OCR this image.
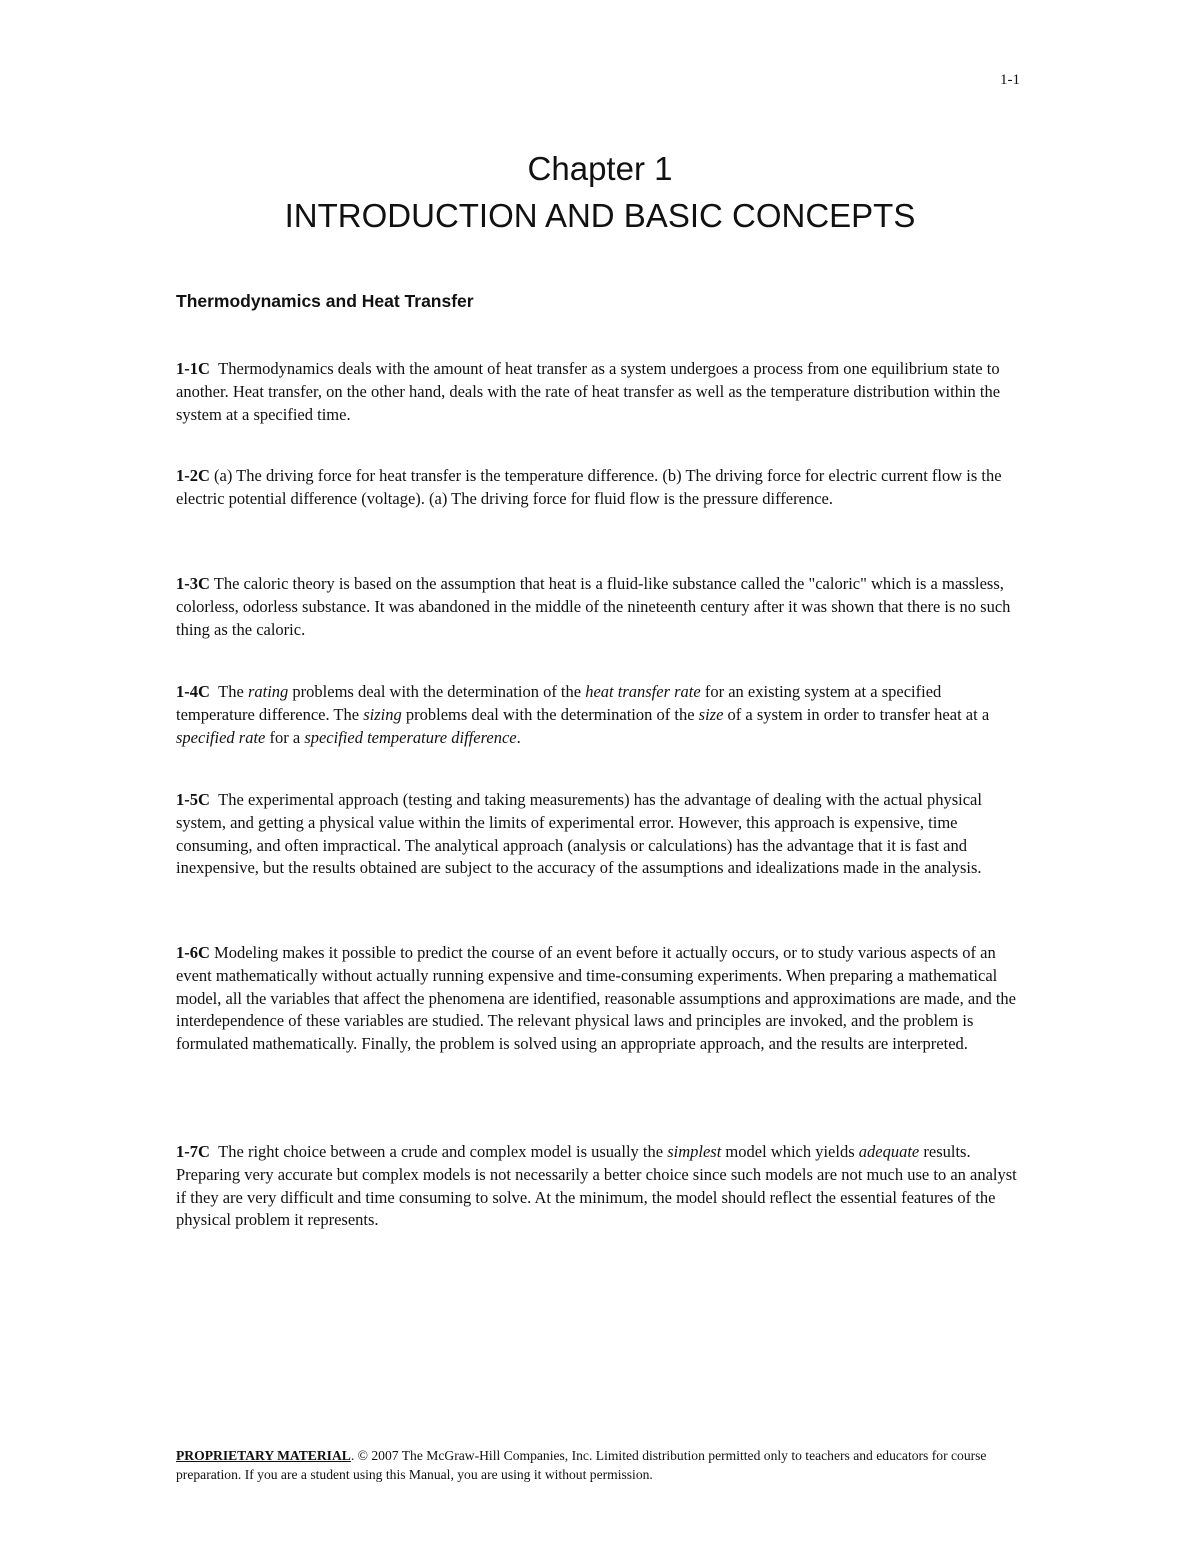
1-1
Chapter 1
INTRODUCTION AND BASIC CONCEPTS
Thermodynamics and Heat Transfer

1-1C Thermodynamics deals with the amount of heat transfer as a system undergoes a process from one equilibrium state to another. Heat transfer, on the other hand, deals with the rate of heat transfer as well as the temperature distribution within the system at a specified time.

1-2C (a) The driving force for heat transfer is the temperature difference. (b) The driving force for electric current flow is the electric potential difference (voltage). (a) The driving force for fluid flow is the pressure difference.

1-3C The caloric theory is based on the assumption that heat is a fluid-like substance called the "caloric" which is a massless, colorless, odorless substance. It was abandoned in the middle of the nineteenth century after it was shown that there is no such thing as the caloric.

1-4C The rating problems deal with the determination of the heat transfer rate for an existing system at a specified temperature difference. The sizing problems deal with the determination of the size of a system in order to transfer heat at a specified rate for a specified temperature difference.

1-5C The experimental approach (testing and taking measurements) has the advantage of dealing with the actual physical system, and getting a physical value within the limits of experimental error. However, this approach is expensive, time consuming, and often impractical. The analytical approach (analysis or calculations) has the advantage that it is fast and inexpensive, but the results obtained are subject to the accuracy of the assumptions and idealizations made in the analysis.

1-6C Modeling makes it possible to predict the course of an event before it actually occurs, or to study various aspects of an event mathematically without actually running expensive and time-consuming experiments. When preparing a mathematical model, all the variables that affect the phenomena are identified, reasonable assumptions and approximations are made, and the interdependence of these variables are studied. The relevant physical laws and principles are invoked, and the problem is formulated mathematically. Finally, the problem is solved using an appropriate approach, and the results are interpreted.

1-7C The right choice between a crude and complex model is usually the simplest model which yields adequate results. Preparing very accurate but complex models is not necessarily a better choice since such models are not much use to an analyst if they are very difficult and time consuming to solve. At the minimum, the model should reflect the essential features of the physical problem it represents.

PROPRIETARY MATERIAL. © 2007 The McGraw-Hill Companies, Inc. Limited distribution permitted only to teachers and educators for course preparation. If you are a student using this Manual, you are using it without permission.
